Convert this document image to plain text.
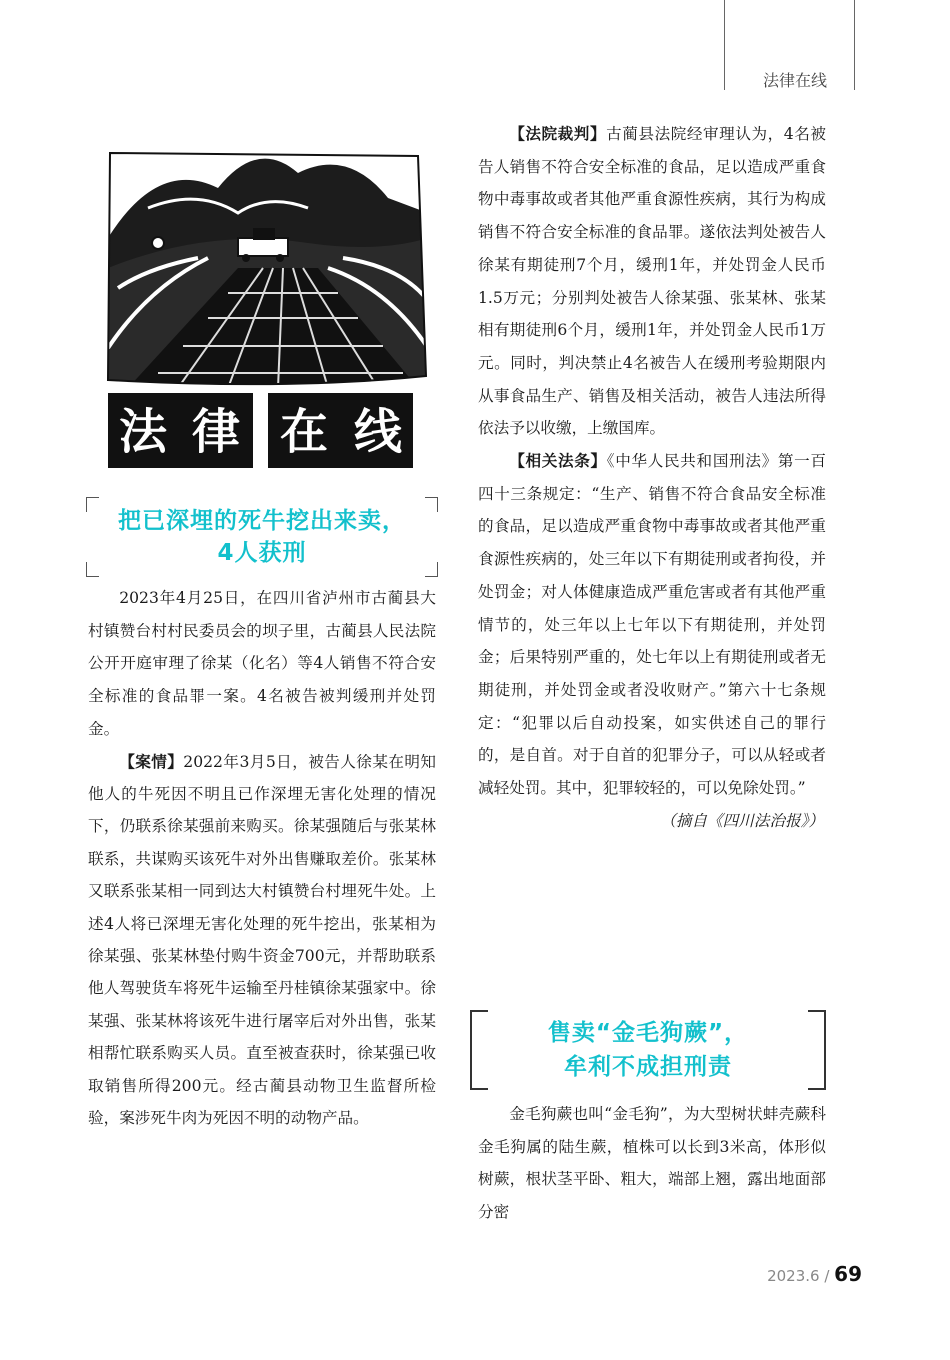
法律在线
法 律 在 线
把已深埋的死牛挖出来卖，
4人获刑

2023年4月25日，在四川省泸州市古蔺县大村镇赞台村村民委员会的坝子里，古蔺县人民法院公开开庭审理了徐某（化名）等4人销售不符合安全标准的食品罪一案。4名被告被判缓刑并处罚金。

【案情】2022年3月5日，被告人徐某在明知他人的牛死因不明且已作深埋无害化处理的情况下，仍联系徐某强前来购买。徐某强随后与张某林联系，共谋购买该死牛对外出售赚取差价。张某林又联系张某相一同到达大村镇赞台村埋死牛处。上述4人将已深埋无害化处理的死牛挖出，张某相为徐某强、张某林垫付购牛资金700元，并帮助联系他人驾驶货车将死牛运输至丹桂镇徐某强家中。徐某强、张某林将该死牛进行屠宰后对外出售，张某相帮忙联系购买人员。直至被查获时，徐某强已收取销售所得200元。经古蔺县动物卫生监督所检验，案涉死牛肉为死因不明的动物产品。

【法院裁判】古蔺县法院经审理认为，4名被告人销售不符合安全标准的食品，足以造成严重食物中毒事故或者其他严重食源性疾病，其行为构成销售不符合安全标准的食品罪。遂依法判处被告人徐某有期徒刑7个月，缓刑1年，并处罚金人民币1.5万元；分别判处被告人徐某强、张某林、张某相有期徒刑6个月，缓刑1年，并处罚金人民币1万元。同时，判决禁止4名被告人在缓刑考验期限内从事食品生产、销售及相关活动，被告人违法所得依法予以收缴，上缴国库。

【相关法条】《中华人民共和国刑法》第一百四十三条规定：“生产、销售不符合食品安全标准的食品，足以造成严重食物中毒事故或者其他严重食源性疾病的，处三年以下有期徒刑或者拘役，并处罚金；对人体健康造成严重危害或者有其他严重情节的，处三年以上七年以下有期徒刑，并处罚金；后果特别严重的，处七年以上有期徒刑或者无期徒刑，并处罚金或者没收财产。”第六十七条规定：“犯罪以后自动投案，如实供述自己的罪行的，是自首。对于自首的犯罪分子，可以从轻或者减轻处罚。其中，犯罪较轻的，可以免除处罚。”

（摘自《四川法治报》）

售卖“金毛狗蕨”，
牟利不成担刑责

金毛狗蕨也叫“金毛狗”，为大型树状蚌壳蕨科金毛狗属的陆生蕨，植株可以长到3米高，体形似树蕨，根状茎平卧、粗大，端部上翘，露出地面部分密

2023.6 / 69
